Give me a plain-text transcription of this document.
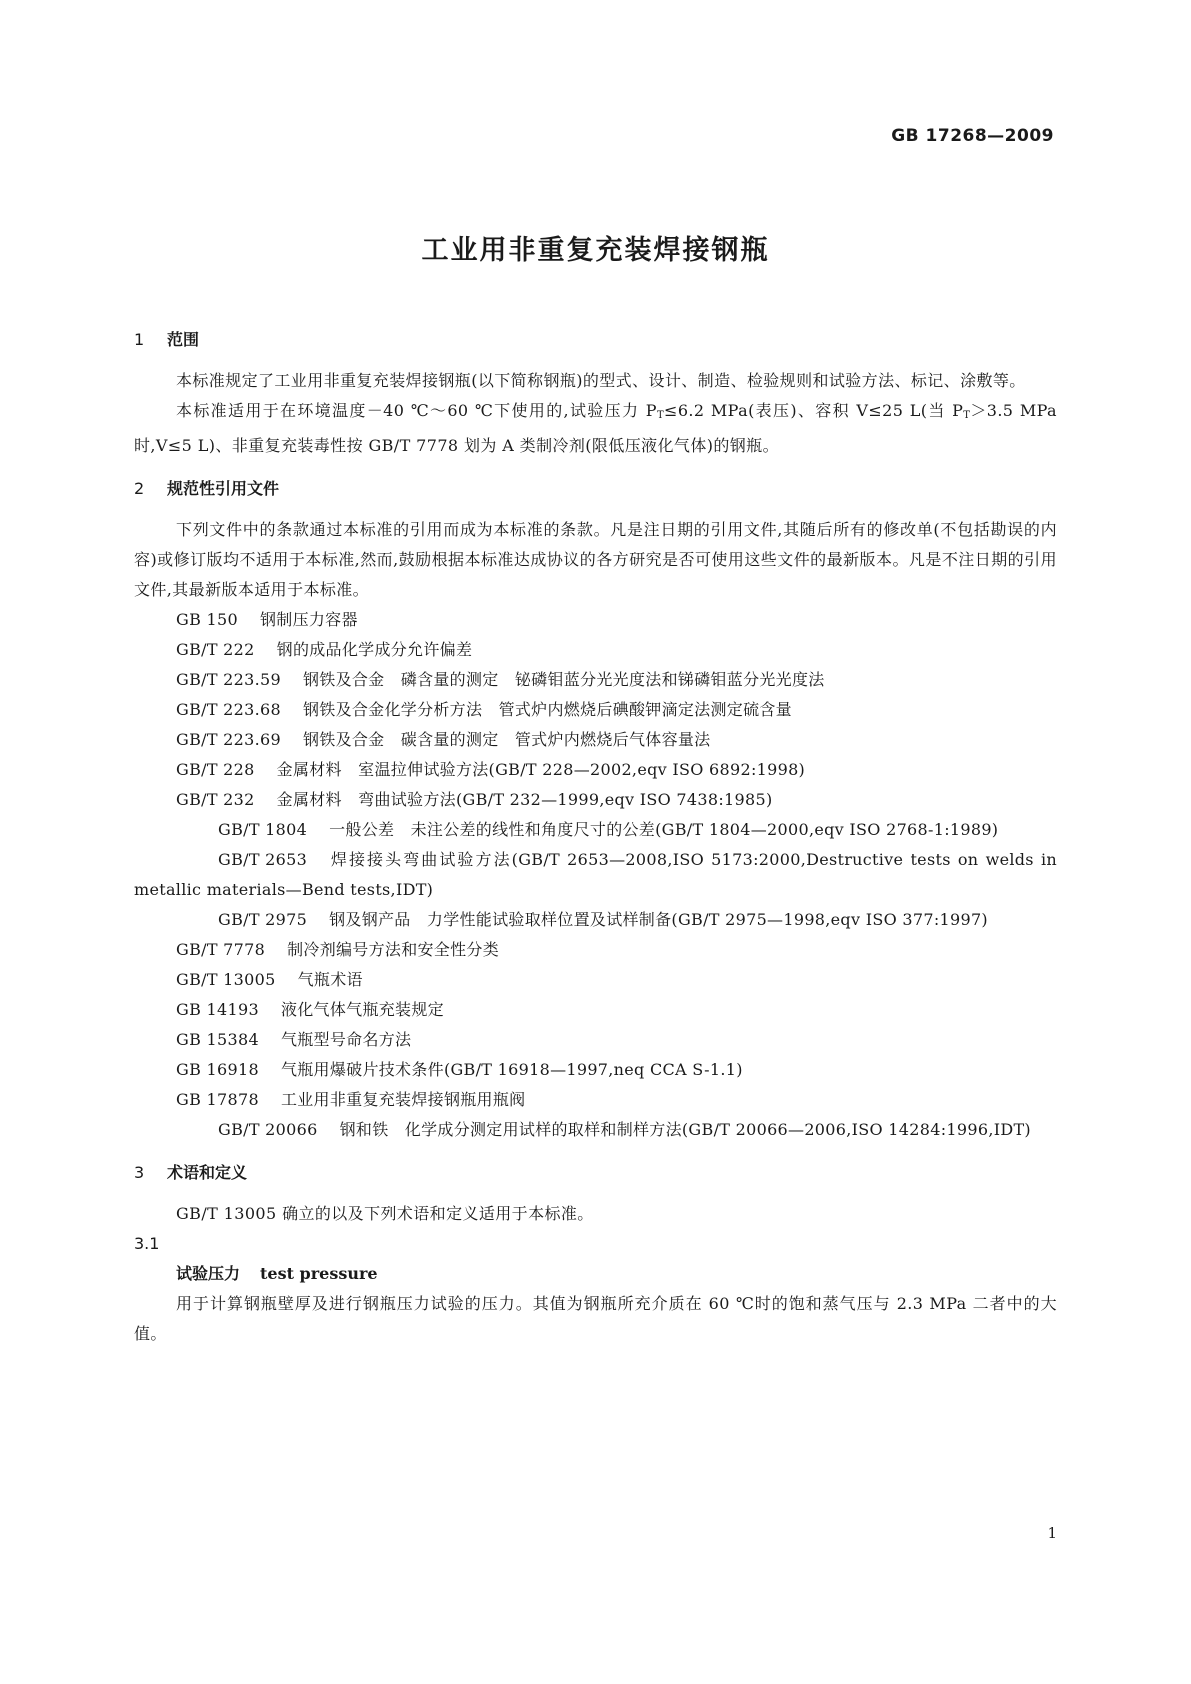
GB 17268—2009
工业用非重复充装焊接钢瓶
1 范围

本标准规定了工业用非重复充装焊接钢瓶(以下简称钢瓶)的型式、设计、制造、检验规则和试验方法、标记、涂敷等。

本标准适用于在环境温度－40 ℃～60 ℃下使用的,试验压力 PT≤6.2 MPa(表压)、容积 V≤25 L(当 PT＞3.5 MPa 时,V≤5 L)、非重复充装毒性按 GB/T 7778 划为 A 类制冷剂(限低压液化气体)的钢瓶。

2 规范性引用文件

下列文件中的条款通过本标准的引用而成为本标准的条款。凡是注日期的引用文件,其随后所有的修改单(不包括勘误的内容)或修订版均不适用于本标准,然而,鼓励根据本标准达成协议的各方研究是否可使用这些文件的最新版本。凡是不注日期的引用文件,其最新版本适用于本标准。

GB 150 钢制压力容器

GB/T 222 钢的成品化学成分允许偏差

GB/T 223.59 钢铁及合金　磷含量的测定　铋磷钼蓝分光光度法和锑磷钼蓝分光光度法

GB/T 223.68 钢铁及合金化学分析方法　管式炉内燃烧后碘酸钾滴定法测定硫含量

GB/T 223.69 钢铁及合金　碳含量的测定　管式炉内燃烧后气体容量法

GB/T 228 金属材料　室温拉伸试验方法(GB/T 228—2002,eqv ISO 6892:1998)

GB/T 232 金属材料　弯曲试验方法(GB/T 232—1999,eqv ISO 7438:1985)

GB/T 1804 一般公差　未注公差的线性和角度尺寸的公差(GB/T 1804—2000,eqv ISO 2768-1:1989)

GB/T 2653 焊接接头弯曲试验方法(GB/T 2653—2008,ISO 5173:2000,Destructive tests on welds in metallic materials—Bend tests,IDT)

GB/T 2975 钢及钢产品　力学性能试验取样位置及试样制备(GB/T 2975—1998,eqv ISO 377:1997)

GB/T 7778 制冷剂编号方法和安全性分类

GB/T 13005 气瓶术语

GB 14193 液化气体气瓶充装规定

GB 15384 气瓶型号命名方法

GB 16918 气瓶用爆破片技术条件(GB/T 16918—1997,neq CCA S-1.1)

GB 17878 工业用非重复充装焊接钢瓶用瓶阀

GB/T 20066 钢和铁　化学成分测定用试样的取样和制样方法(GB/T 20066—2006,ISO 14284:1996,IDT)

3 术语和定义

GB/T 13005 确立的以及下列术语和定义适用于本标准。

3.1
试验压力 test pressure

用于计算钢瓶壁厚及进行钢瓶压力试验的压力。其值为钢瓶所充介质在 60 ℃时的饱和蒸气压与 2.3 MPa 二者中的大值。

1
